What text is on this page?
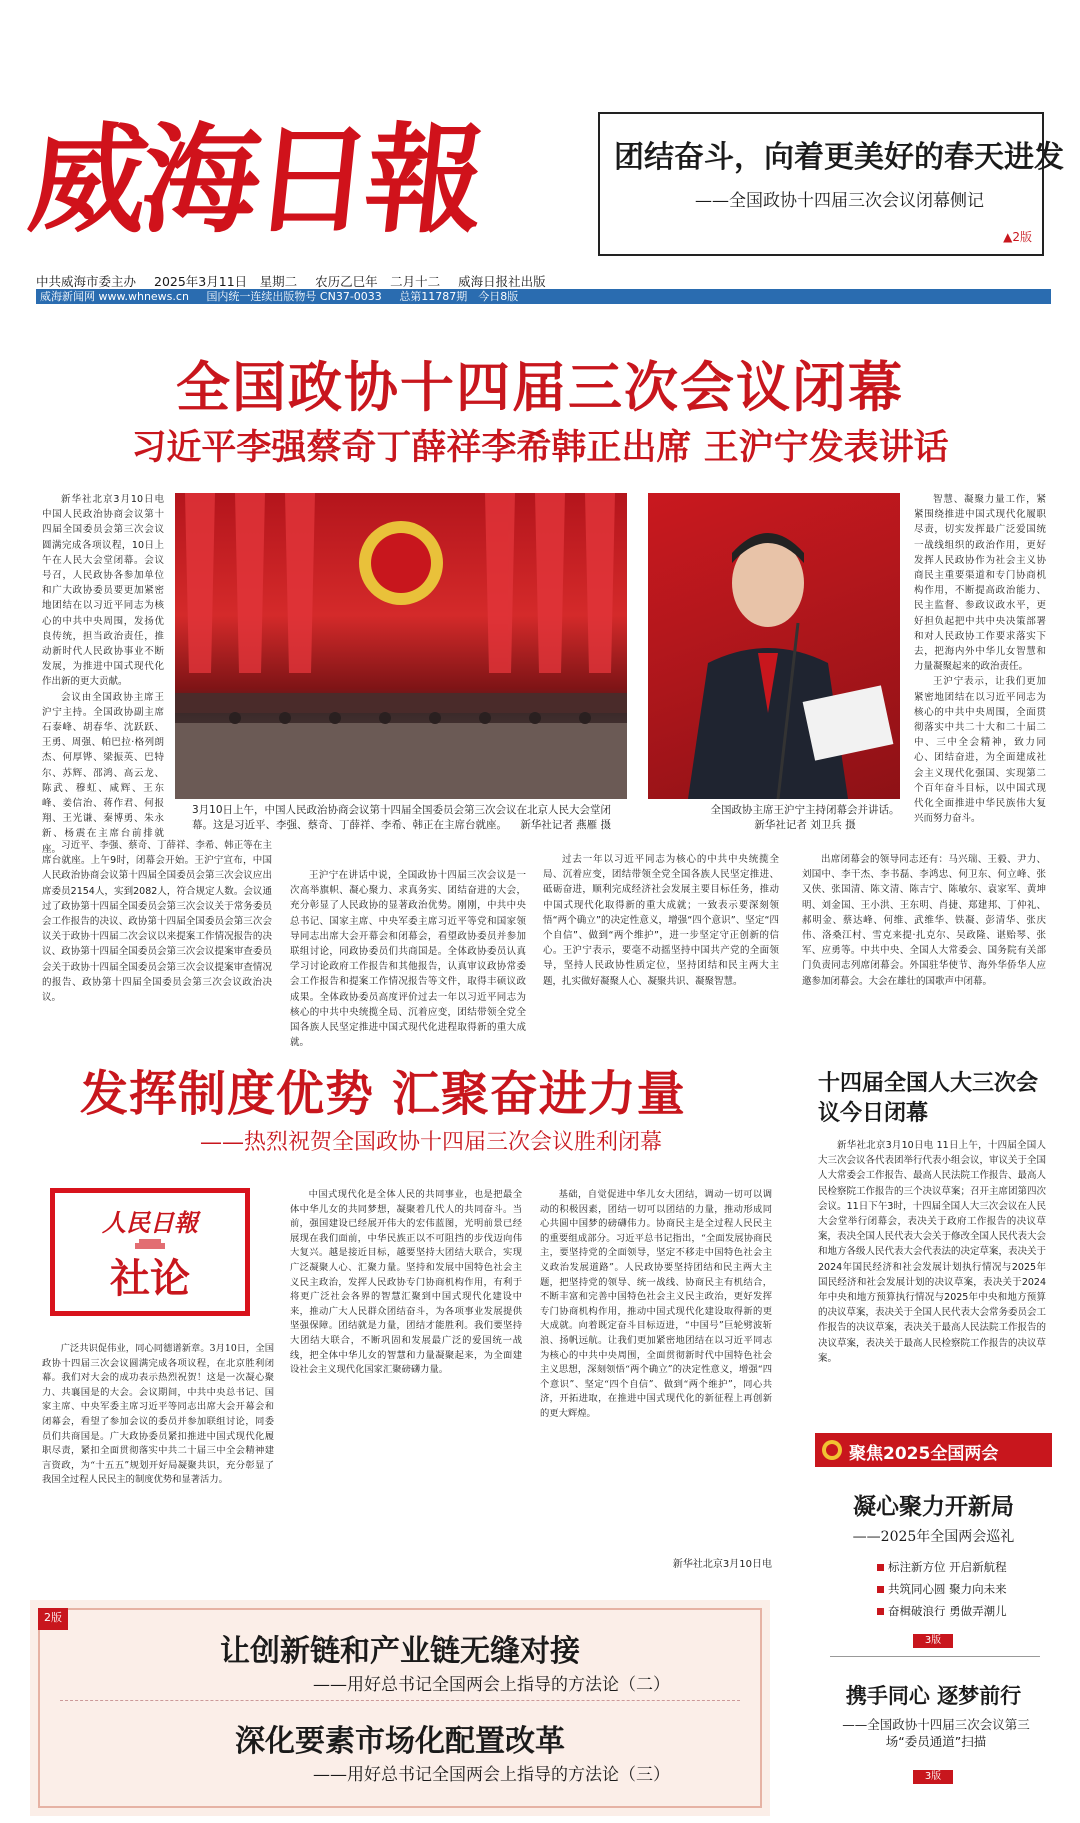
威海日報	团结奋斗，向着更美好的春天进发
——全国政协十四届三次会议闭幕侧记
▲2版
中共威海市委主办 2025年3月11日　星期二 农历乙巳年　二月十二 威海日报社出版
威海新闻网 www.whnews.cn 国内统一连续出版物号 CN37-0033 总第11787期　今日8版
全国政协十四届三次会议闭幕
习近平李强蔡奇丁薛祥李希韩正出席 王沪宁发表讲话

新华社北京3月10日电 中国人民政治协商会议第十四届全国委员会第三次会议圆满完成各项议程，10日上午在人民大会堂闭幕。会议号召，人民政协各参加单位和广大政协委员要更加紧密地团结在以习近平同志为核心的中共中央周围，发扬优良传统，担当政治责任，推动新时代人民政协事业不断发展，为推进中国式现代化作出新的更大贡献。

会议由全国政协主席王沪宁主持。全国政协副主席石泰峰、胡春华、沈跃跃、王勇、周强、帕巴拉·格列朗杰、何厚铧、梁振英、巴特尔、苏辉、邵鸿、高云龙、陈武、穆虹、咸辉、王东峰、姜信治、蒋作君、何报翔、王光谦、秦博勇、朱永新、杨震在主席台前排就座。

3月10日上午，中国人民政治协商会议第十四届全国委员会第三次会议在北京人民大会堂闭幕。这是习近平、李强、蔡奇、丁薛祥、李希、韩正在主席台就座。 新华社记者 燕雁 摄
全国政协主席王沪宁主持闭幕会并讲话。
新华社记者 刘卫兵 摄

智慧、凝聚力量工作，紧紧围绕推进中国式现代化履职尽责，切实发挥最广泛爱国统一战线组织的政治作用，更好发挥人民政协作为社会主义协商民主重要渠道和专门协商机构作用，不断提高政治能力、民主监督、参政议政水平，更好担负起把中共中央决策部署和对人民政协工作要求落实下去，把海内外中华儿女智慧和力量凝聚起来的政治责任。

王沪宁表示，让我们更加紧密地团结在以习近平同志为核心的中共中央周围，全面贯彻落实中共二十大和二十届二中、三中全会精神，致力同心、团结奋进，为全面建成社会主义现代化强国、实现第二个百年奋斗目标，以中国式现代化全面推进中华民族伟大复兴而努力奋斗。

习近平、李强、蔡奇、丁薛祥、李希、韩正等在主席台就座。上午9时，闭幕会开始。王沪宁宣布，中国人民政治协商会议第十四届全国委员会第三次会议应出席委员2154人，实到2082人，符合规定人数。会议通过了政协第十四届全国委员会第三次会议关于常务委员会工作报告的决议、政协第十四届全国委员会第三次会议关于政协十四届二次会议以来提案工作情况报告的决议、政协第十四届全国委员会第三次会议提案审查委员会关于政协十四届全国委员会第三次会议提案审查情况的报告、政协第十四届全国委员会第三次会议政治决议。

王沪宁在讲话中说，全国政协十四届三次会议是一次高举旗帜、凝心聚力、求真务实、团结奋进的大会，充分彰显了人民政协的显著政治优势。刚刚，中共中央总书记、国家主席、中央军委主席习近平等党和国家领导同志出席大会开幕会和闭幕会，看望政协委员并参加联组讨论，同政协委员们共商国是。全体政协委员认真学习讨论政府工作报告和其他报告，认真审议政协常委会工作报告和提案工作情况报告等文件，取得丰硕议政成果。全体政协委员高度评价过去一年以习近平同志为核心的中共中央统揽全局、沉着应变，团结带领全党全国各族人民坚定推进中国式现代化进程取得新的重大成就。

过去一年以习近平同志为核心的中共中央统揽全局、沉着应变，团结带领全党全国各族人民坚定推进、砥砺奋进，顺利完成经济社会发展主要目标任务，推动中国式现代化取得新的重大成就；一致表示要深刻领悟“两个确立”的决定性意义，增强“四个意识”、坚定“四个自信”、做到“两个维护”，进一步坚定守正创新的信心。王沪宁表示，要毫不动摇坚持中国共产党的全面领导，坚持人民政协性质定位，坚持团结和民主两大主题，扎实做好凝聚人心、凝聚共识、凝聚智慧。

出席闭幕会的领导同志还有：马兴瑞、王毅、尹力、刘国中、李干杰、李书磊、李鸿忠、何卫东、何立峰、张又侠、张国清、陈文清、陈吉宁、陈敏尔、袁家军、黄坤明、刘金国、王小洪、王东明、肖捷、郑建邦、丁仲礼、郝明金、蔡达峰、何维、武维华、铁凝、彭清华、张庆伟、洛桑江村、雪克来提·扎克尔、吴政隆、谌贻琴、张军、应勇等。中共中央、全国人大常委会、国务院有关部门负责同志列席闭幕会。外国驻华使节、海外华侨华人应邀参加闭幕会。大会在雄壮的国歌声中闭幕。

发挥制度优势 汇聚奋进力量
——热烈祝贺全国政协十四届三次会议胜利闭幕
人民日報
社论

广泛共识促伟业，同心同德谱新章。3月10日，全国政协十四届三次会议圆满完成各项议程，在北京胜利闭幕。我们对大会的成功表示热烈祝贺！这是一次凝心聚力、共襄国是的大会。会议期间，中共中央总书记、国家主席、中央军委主席习近平等同志出席大会开幕会和闭幕会，看望了参加会议的委员并参加联组讨论，同委员们共商国是。广大政协委员紧扣推进中国式现代化履职尽责，紧扣全面贯彻落实中共二十届三中全会精神建言资政，为“十五五”规划开好局凝聚共识，充分彰显了我国全过程人民民主的制度优势和显著活力。

中国式现代化是全体人民的共同事业，也是把最全体中华儿女的共同梦想，凝聚着几代人的共同奋斗。当前，强国建设已经展开伟大的宏伟蓝图，光明前景已经展现在我们面前，中华民族正以不可阻挡的步伐迈向伟大复兴。越是接近目标，越要坚持大团结大联合，实现广泛凝聚人心、汇聚力量。坚持和发展中国特色社会主义民主政治，发挥人民政协专门协商机构作用，有利于将更广泛社会各界的智慧汇聚到中国式现代化建设中来，推动广大人民群众团结奋斗，为各项事业发展提供坚强保障。团结就是力量，团结才能胜利。我们要坚持大团结大联合，不断巩固和发展最广泛的爱国统一战线，把全体中华儿女的智慧和力量凝聚起来，为全面建设社会主义现代化国家汇聚磅礴力量。

基础，自觉促进中华儿女大团结，调动一切可以调动的积极因素，团结一切可以团结的力量，推动形成同心共圆中国梦的磅礴伟力。协商民主是全过程人民民主的重要组成部分。习近平总书记指出，“全面发展协商民主，要坚持党的全面领导，坚定不移走中国特色社会主义政治发展道路”。人民政协要坚持团结和民主两大主题，把坚持党的领导、统一战线、协商民主有机结合，不断丰富和完善中国特色社会主义民主政治，更好发挥专门协商机构作用，推动中国式现代化建设取得新的更大成就。向着既定奋斗目标迈进，“中国号”巨轮劈波斩浪、扬帆远航。让我们更加紧密地团结在以习近平同志为核心的中共中央周围，全面贯彻新时代中国特色社会主义思想，深刻领悟“两个确立”的决定性意义，增强“四个意识”、坚定“四个自信”、做到“两个维护”，同心共济，开拓进取，在推进中国式现代化的新征程上再创新的更大辉煌。

新华社北京3月10日电
十四届全国人大三次会议今日闭幕

新华社北京3月10日电 11日上午，十四届全国人大三次会议各代表团举行代表小组会议，审议关于全国人大常委会工作报告、最高人民法院工作报告、最高人民检察院工作报告的三个决议草案；召开主席团第四次会议。11日下午3时，十四届全国人大三次会议在人民大会堂举行闭幕会，表决关于政府工作报告的决议草案，表决全国人民代表大会关于修改全国人民代表大会和地方各级人民代表大会代表法的决定草案，表决关于2024年国民经济和社会发展计划执行情况与2025年国民经济和社会发展计划的决议草案，表决关于2024年中央和地方预算执行情况与2025年中央和地方预算的决议草案，表决关于全国人民代表大会常务委员会工作报告的决议草案，表决关于最高人民法院工作报告的决议草案，表决关于最高人民检察院工作报告的决议草案。

聚焦2025全国两会
凝心聚力开新局
——2025年全国两会巡礼
标注新方位 开启新航程
共筑同心圆 聚力向未来
奋楫破浪行 勇做弄潮儿
3版
携手同心 逐梦前行
——全国政协十四届三次会议第三场“委员通道”扫描
3版
2版
让创新链和产业链无缝对接
——用好总书记全国两会上指导的方法论（二）
深化要素市场化配置改革
——用好总书记全国两会上指导的方法论（三）
